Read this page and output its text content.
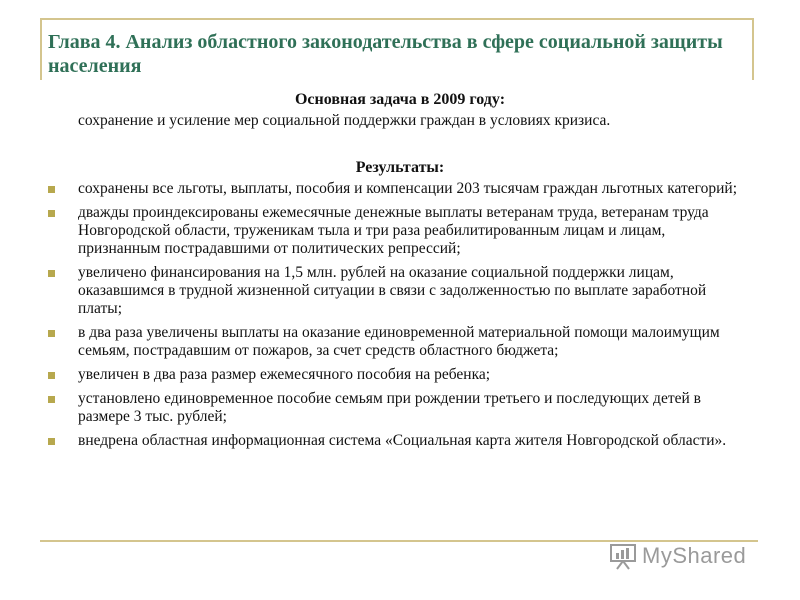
Глава 4. Анализ областного законодательства в сфере социальной защиты населения
Основная задача в 2009 году:
сохранение и усиление мер социальной поддержки граждан в условиях кризиса.
Результаты:
сохранены все льготы, выплаты, пособия и компенсации 203 тысячам граждан льготных категорий;
дважды проиндексированы ежемесячные денежные выплаты ветеранам труда, ветеранам труда Новгородской области, труженикам тыла и три раза реабилитированным лицам и лицам, признанным пострадавшими от политических репрессий;
увеличено финансирования на 1,5 млн. рублей на оказание социальной поддержки лицам, оказавшимся в трудной жизненной ситуации в связи с задолженностью по выплате заработной платы;
в два раза увеличены выплаты на оказание единовременной материальной помощи малоимущим семьям, пострадавшим от пожаров, за счет средств областного бюджета;
увеличен в два раза размер ежемесячного пособия на ребенка;
установлено единовременное пособие семьям при рождении третьего и последующих детей в размере 3 тыс. рублей;
внедрена областная информационная система «Социальная карта жителя Новгородской области».
MyShared
